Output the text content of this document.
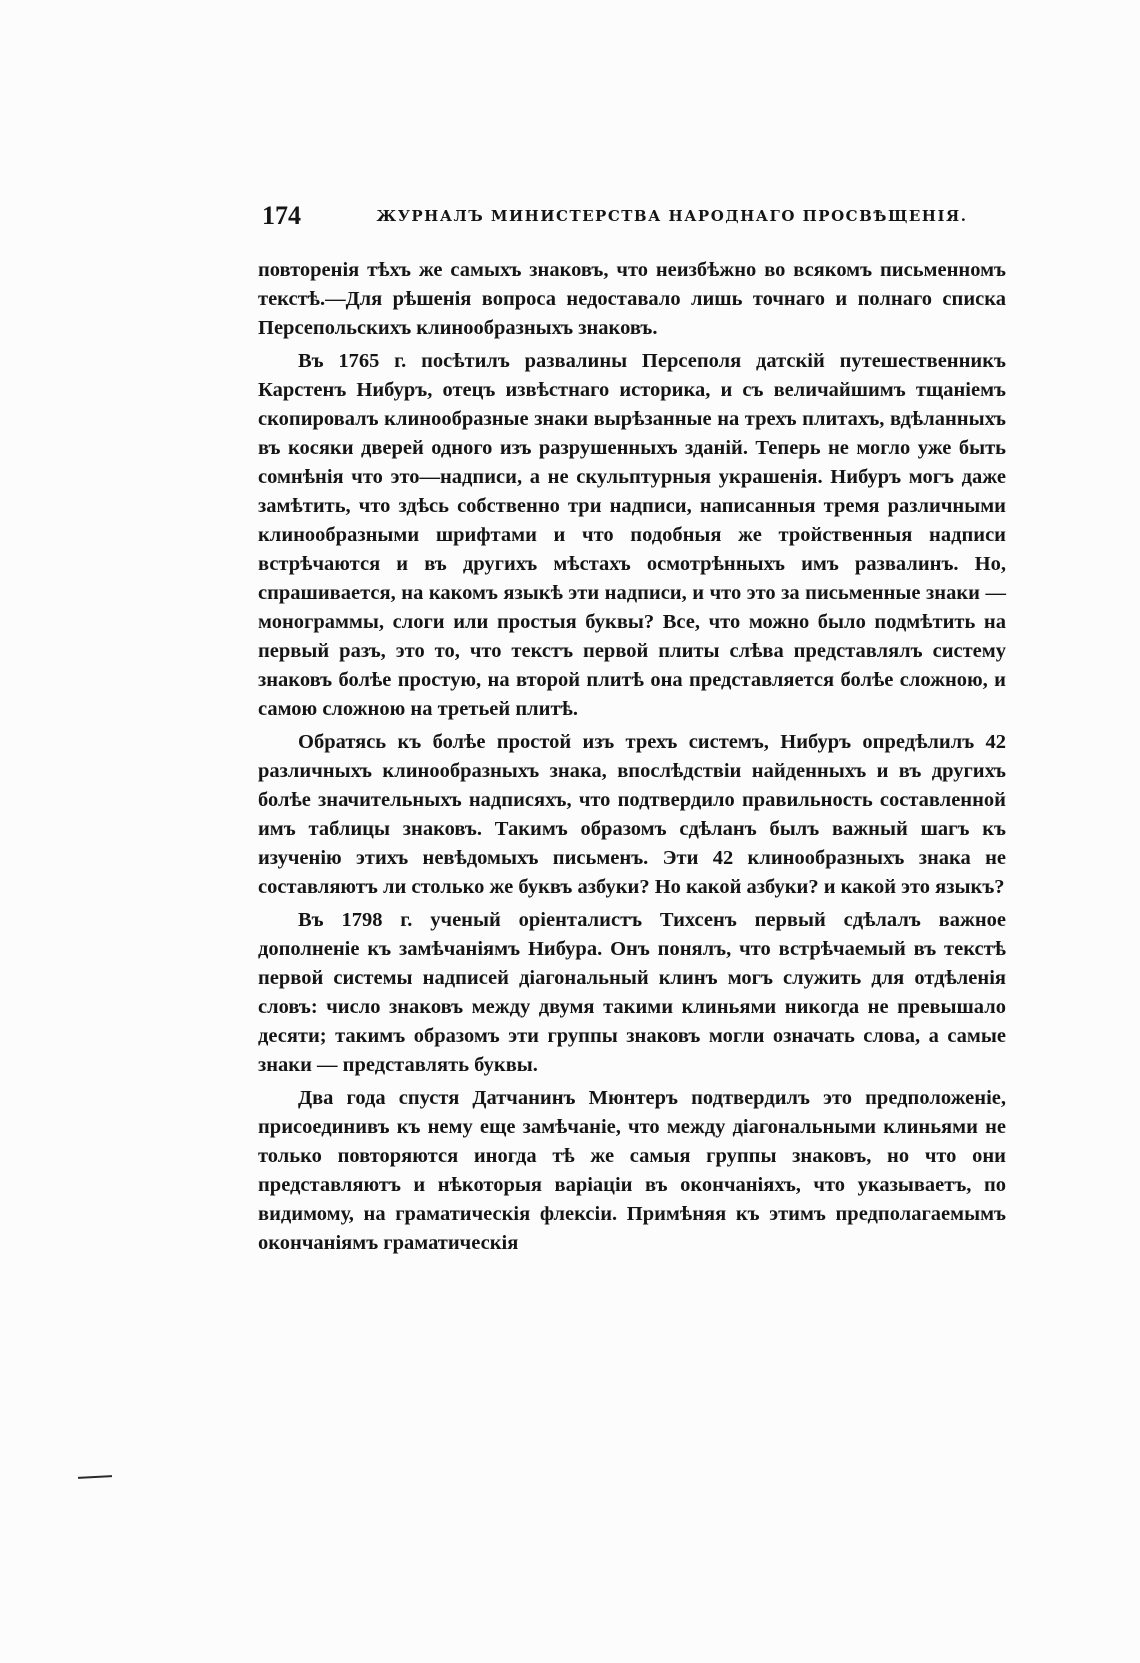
174	ЖУРНАЛЪ МИНИСТЕРСТВА НАРОДНАГО ПРОСВѢЩЕНІЯ.

повторенія тѣхъ же самыхъ знаковъ, что неизбѣжно во всякомъ письменномъ текстѣ.—Для рѣшенія вопроса недоставало лишь точнаго и полнаго списка Персепольскихъ клинообразныхъ знаковъ.

Въ 1765 г. посѣтилъ развалины Персеполя датскій путешественникъ Карстенъ Нибуръ, отецъ извѣстнаго историка, и съ величайшимъ тщаніемъ скопировалъ клинообразные знаки вырѣзанные на трехъ плитахъ, вдѣланныхъ въ косяки дверей одного изъ разрушенныхъ зданій. Теперь не могло уже быть сомнѣнія что это—надписи, а не скульптурныя украшенія. Нибуръ могъ даже замѣтить, что здѣсь собственно три надписи, написанныя тремя различными клинообразными шрифтами и что подобныя же тройственныя надписи встрѣчаются и въ другихъ мѣстахъ осмотрѣнныхъ имъ развалинъ. Но, спрашивается, на какомъ языкѣ эти надписи, и что это за письменные знаки — монограммы, слоги или простыя буквы? Все, что можно было подмѣтить на первый разъ, это то, что текстъ первой плиты слѣва представлялъ систему знаковъ болѣе простую, на второй плитѣ она представляется болѣе сложною, и самою сложною на третьей плитѣ.

Обратясь къ болѣе простой изъ трехъ системъ, Нибуръ опредѣлилъ 42 различныхъ клинообразныхъ знака, впослѣдствіи найденныхъ и въ другихъ болѣе значительныхъ надписяхъ, что подтвердило правильность составленной имъ таблицы знаковъ. Такимъ образомъ сдѣланъ былъ важный шагъ къ изученію этихъ невѣдомыхъ письменъ. Эти 42 клинообразныхъ знака не составляютъ ли столько же буквъ азбуки? Но какой азбуки? и какой это языкъ?

Въ 1798 г. ученый оріенталистъ Тихсенъ первый сдѣлалъ важное дополненіе къ замѣчаніямъ Нибура. Онъ понялъ, что встрѣчаемый въ текстѣ первой системы надписей діагональный клинъ могъ служить для отдѣленія словъ: число знаковъ между двумя такими клиньями никогда не превышало десяти; такимъ образомъ эти группы знаковъ могли означать слова, а самые знаки — представлять буквы.

Два года спустя Датчанинъ Мюнтеръ подтвердилъ это предположеніе, присоединивъ къ нему еще замѣчаніе, что между діагональными клиньями не только повторяются иногда тѣ же самыя группы знаковъ, но что они представляютъ и нѣкоторыя варіаціи въ окончаніяхъ, что указываетъ, по видимому, на граматическія флексіи. Примѣняя къ этимъ предполагаемымъ окончаніямъ граматическія
